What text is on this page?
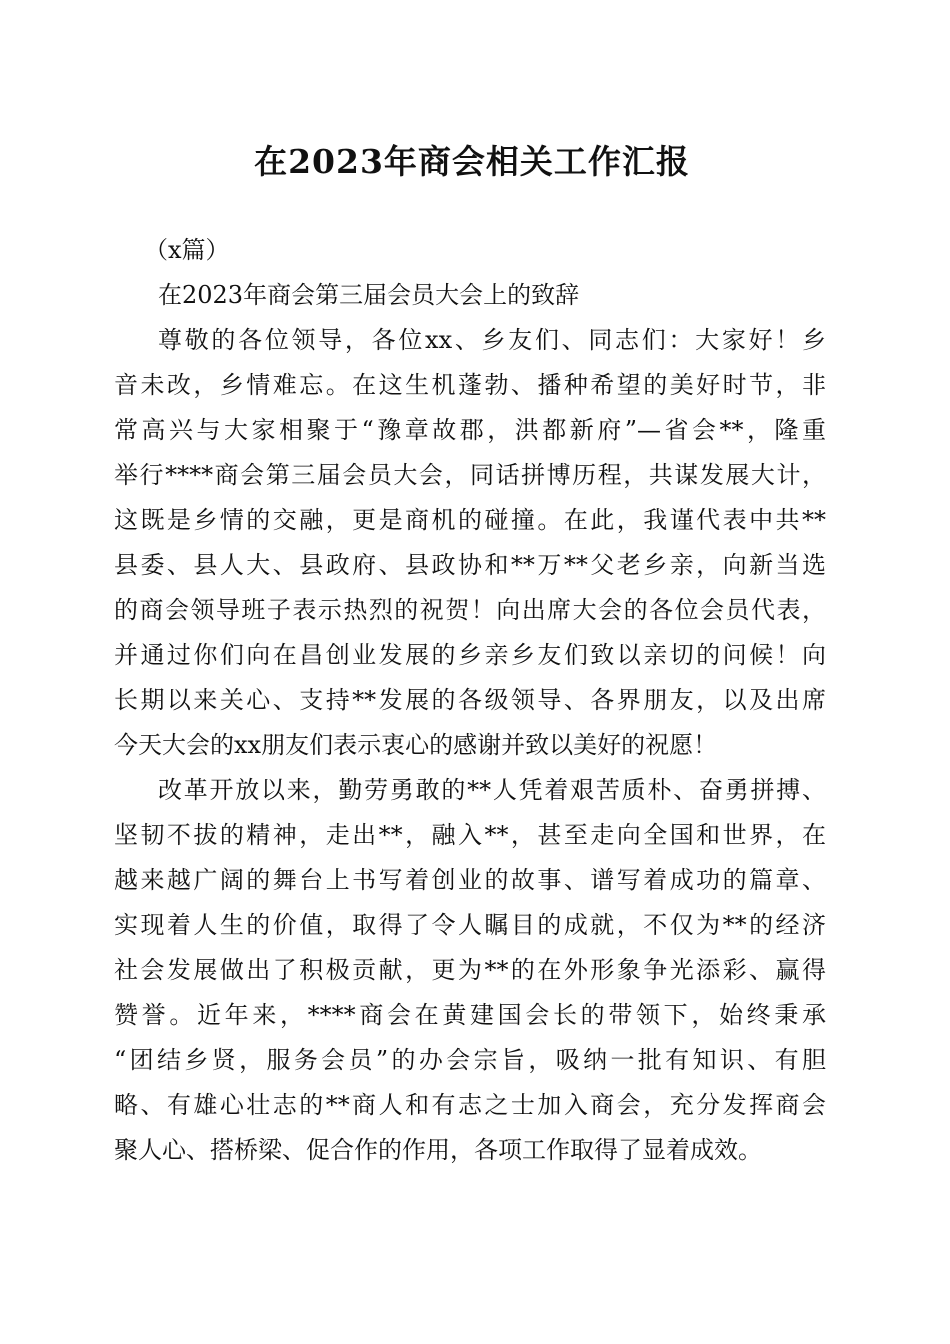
在2023年商会相关工作汇报
（x篇）
在2023年商会第三届会员大会上的致辞
尊敬的各位领导，各位xx、乡友们、同志们：大家好！乡
音未改，乡情难忘。在这生机蓬勃、播种希望的美好时节，非
常高兴与大家相聚于“豫章故郡，洪都新府”—省会**，隆重
举行****商会第三届会员大会，同话拼博历程，共谋发展大计，
这既是乡情的交融，更是商机的碰撞。在此，我谨代表中共**
县委、县人大、县政府、县政协和**万**父老乡亲，向新当选
的商会领导班子表示热烈的祝贺！向出席大会的各位会员代表，
并通过你们向在昌创业发展的乡亲乡友们致以亲切的问候！向
长期以来关心、支持**发展的各级领导、各界朋友，以及出席
今天大会的xx朋友们表示衷心的感谢并致以美好的祝愿！
改革开放以来，勤劳勇敢的**人凭着艰苦质朴、奋勇拼搏、
坚韧不拔的精神，走出**，融入**，甚至走向全国和世界，在
越来越广阔的舞台上书写着创业的故事、谱写着成功的篇章、
实现着人生的价值，取得了令人瞩目的成就，不仅为**的经济
社会发展做出了积极贡献，更为**的在外形象争光添彩、赢得
赞誉。近年来，****商会在黄建国会长的带领下，始终秉承
“团结乡贤，服务会员”的办会宗旨，吸纳一批有知识、有胆
略、有雄心壮志的**商人和有志之士加入商会，充分发挥商会
聚人心、搭桥梁、促合作的作用，各项工作取得了显着成效。
